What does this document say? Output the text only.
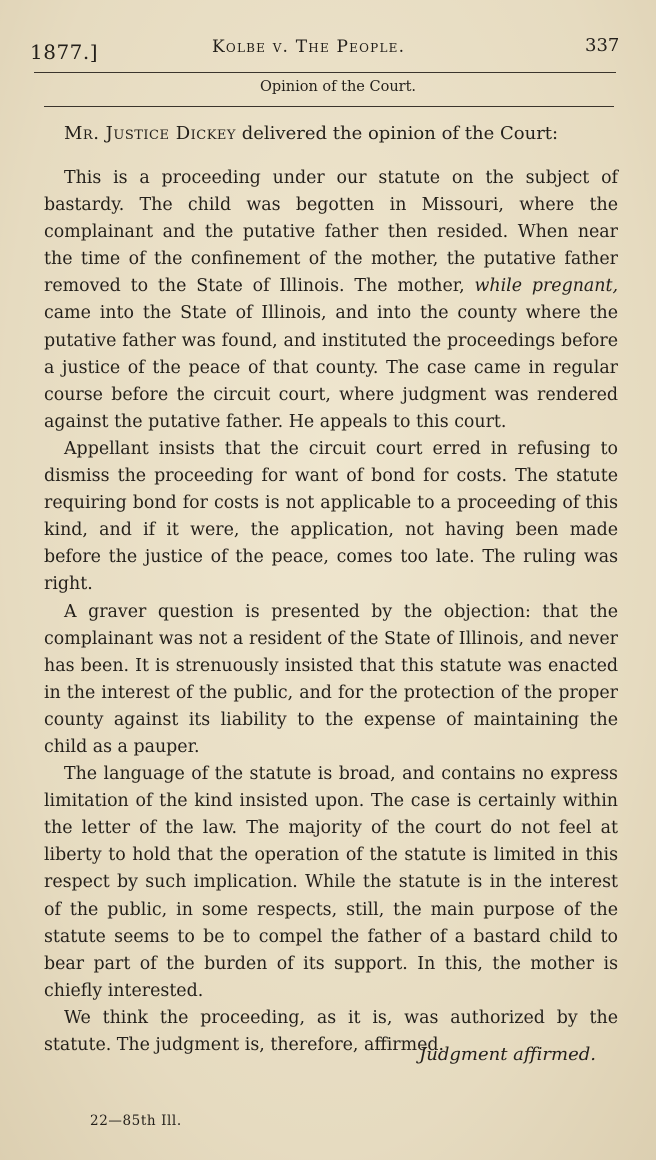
1877.]	Kolbe v. The People.	337
Opinion of the Court.
Mr. Justice Dickey delivered the opinion of the Court:

This is a proceeding under our statute on the subject of bastardy. The child was begotten in Missouri, where the complainant and the putative father then resided. When near the time of the confinement of the mother, the putative father removed to the State of Illinois. The mother, while pregnant, came into the State of Illinois, and into the county where the putative father was found, and instituted the proceedings before a justice of the peace of that county. The case came in regular course before the circuit court, where judgment was rendered against the putative father. He appeals to this court.

Appellant insists that the circuit court erred in refusing to dismiss the proceeding for want of bond for costs. The statute requiring bond for costs is not applicable to a proceeding of this kind, and if it were, the application, not having been made before the justice of the peace, comes too late. The ruling was right.

A graver question is presented by the objection: that the complainant was not a resident of the State of Illinois, and never has been. It is strenuously insisted that this statute was enacted in the interest of the public, and for the protection of the proper county against its liability to the expense of maintaining the child as a pauper.

The language of the statute is broad, and contains no express limitation of the kind insisted upon. The case is certainly within the letter of the law. The majority of the court do not feel at liberty to hold that the operation of the statute is limited in this respect by such implication. While the statute is in the interest of the public, in some respects, still, the main purpose of the statute seems to be to compel the father of a bastard child to bear part of the burden of its support. In this, the mother is chiefly interested.

We think the proceeding, as it is, was authorized by the statute. The judgment is, therefore, affirmed.

Judgment affirmed.
22—85th Ill.
